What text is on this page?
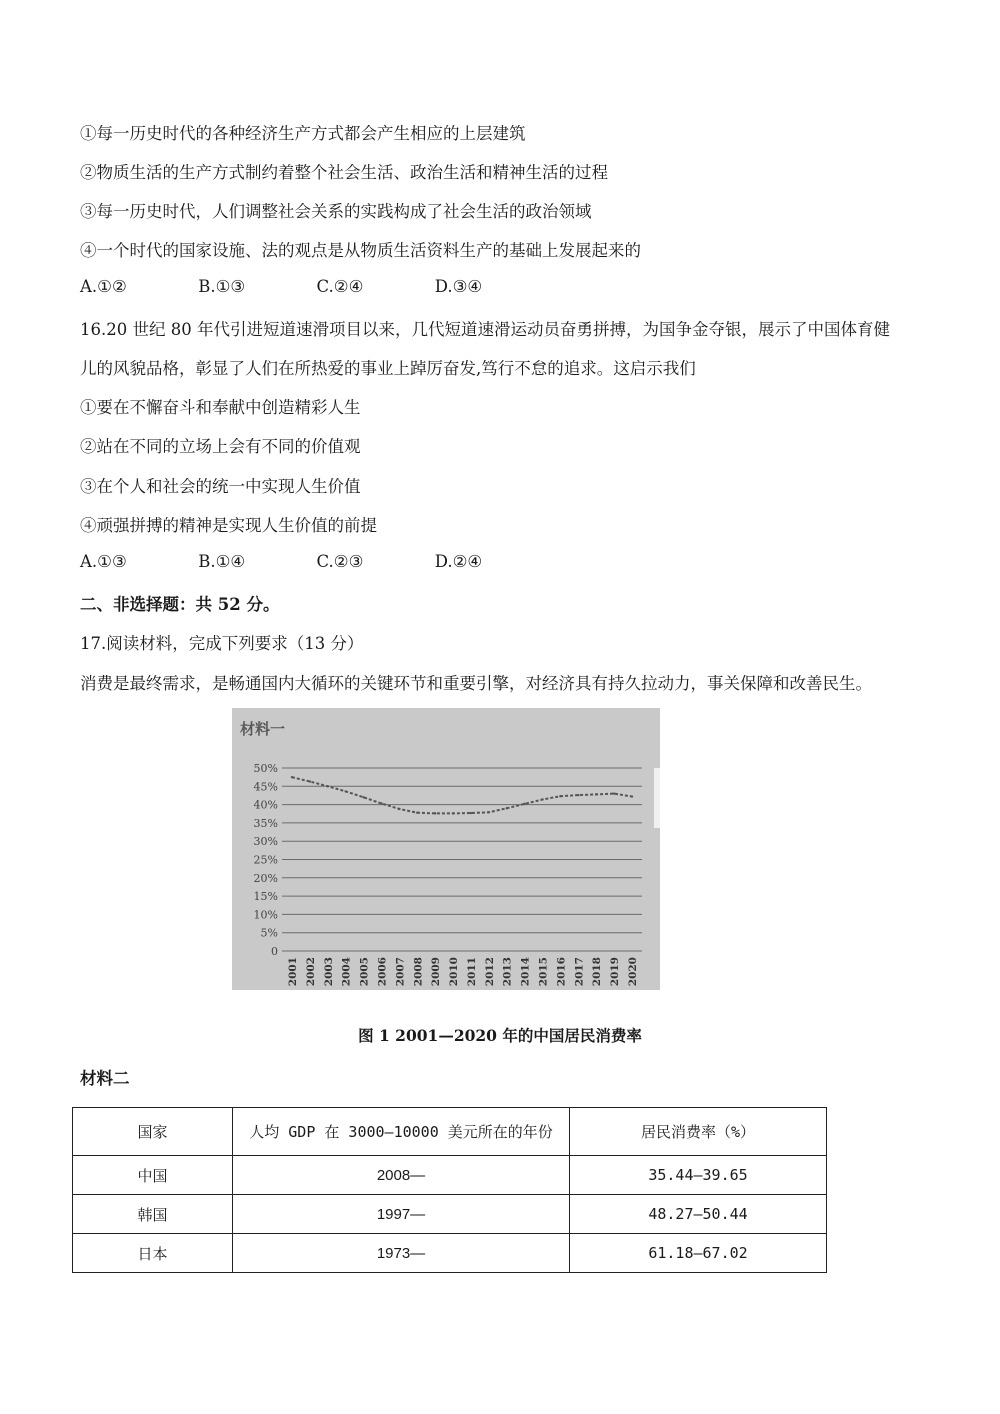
①每一历史时代的各种经济生产方式都会产生相应的上层建筑
②物质生活的生产方式制约着整个社会生活、政治生活和精神生活的过程
③每一历史时代，人们调整社会关系的实践构成了社会生活的政治领域
④一个时代的国家设施、法的观点是从物质生活资料生产的基础上发展起来的
A.①②	B.①③	C.②④	D.③④
16.20 世纪 80 年代引进短道速滑项目以来，几代短道速滑运动员奋勇拼搏，为国争金夺银，展示了中国体育健
儿的风貌品格，彰显了人们在所热爱的事业上踔厉奋发,笃行不怠的追求。这启示我们
①要在不懈奋斗和奉献中创造精彩人生
②站在不同的立场上会有不同的价值观
③在个人和社会的统一中实现人生价值
④顽强拼搏的精神是实现人生价值的前提
A.①③	B.①④	C.②③	D.②④
二、非选择题：共 52 分。
17.阅读材料，完成下列要求（13 分）
消费是最终需求，是畅通国内大循环的关键环节和重要引擎，对经济具有持久拉动力，事关保障和改善民生。
材料一
0
5%
10%
15%
20%
25%
30%
35%
40%
45%
50%
2001 2002 2003 2004 2005 2006 2007 2008 2009 2010 2011 2012 2013 2014 2015 2016 2017 2018 2019 2020
图 1 2001—2020 年的中国居民消费率
材料二
国家	人均 GDP 在 3000—10000 美元所在的年份	居民消费率（%）
中国	2008—	35.44—39.65
韩国	1997—	48.27—50.44
日本	1973—	61.18—67.02
